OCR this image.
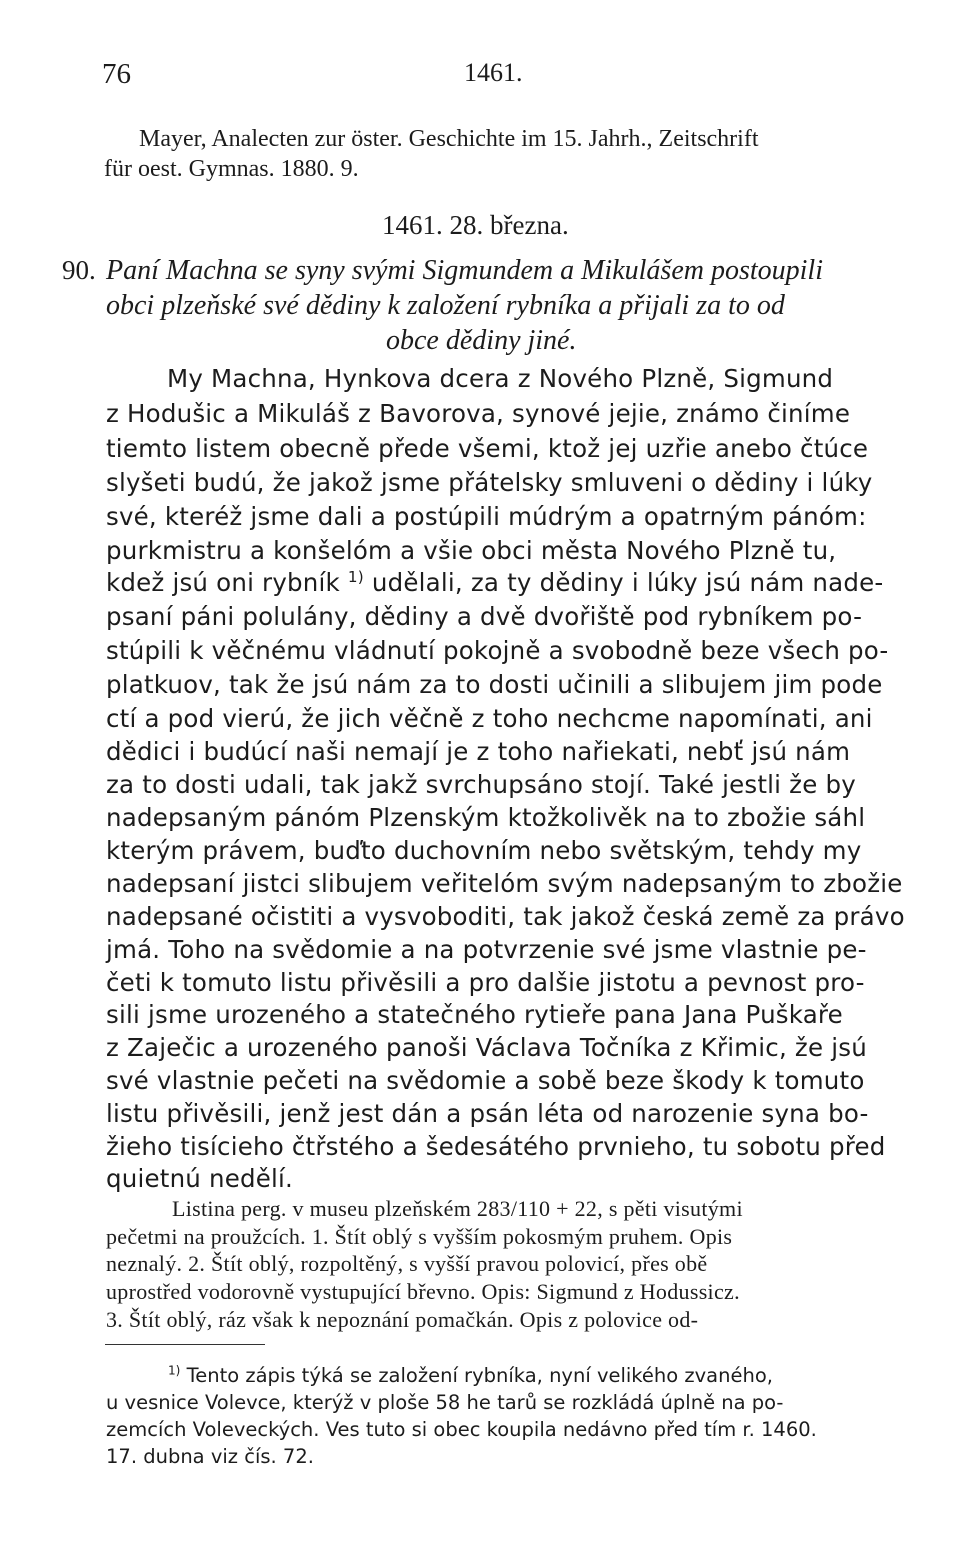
76	1461.
Mayer, Analecten zur öster. Geschichte im 15. Jahrh., Zeitschrift
für oest. Gymnas. 1880. 9.
1461. 28. března.
90. Paní Machna se syny svými Sigmundem a Mikulášem postoupili
obci plzeňské své dědiny k založení rybníka a přijali za to od
obce dědiny jiné.
My Machna, Hynkova dcera z Nového Plzně, Sigmund
z Hodušic a Mikuláš z Bavorova, synové jejie, známo činíme
tiemto listem obecně přede všemi, ktož jej uzřie anebo čtúce
slyšeti budú, že jakož jsme přátelsky smluveni o dědiny i lúky
své, kteréž jsme dali a postúpili múdrým a opatrným pánóm:
purkmistru a konšelóm a všie obci města Nového Plzně tu,
kdež jsú oni rybník $^{1)}$ udělali, za ty dědiny i lúky jsú nám nade-
psaní páni polulány, dědiny a dvě dvořiště pod rybníkem po-
stúpili k věčnému vládnutí pokojně a svobodně beze všech po-
platkuov, tak že jsú nám za to dosti učinili a slibujem jim pode
ctí a pod vierú, že jich věčně z toho nechcme napomínati, ani
dědici i budúcí naši nemají je z toho nařiekati, nebť jsú nám
za to dosti udali, tak jakž svrchupsáno stojí. Také jestli že by
nadepsaným pánóm Plzenským ktožkolivěk na to zbožie sáhl
kterým právem, buďto duchovním nebo světským, tehdy my
nadepsaní jistci slibujem veřitelóm svým nadepsaným to zbožie
nadepsané očistiti a vysvoboditi, tak jakož česká země za právo
jmá. Toho na svědomie a na potvrzenie své jsme vlastnie pe-
četi k tomuto listu přivěsili a pro dalšie jistotu a pevnost pro-
sili jsme urozeného a statečného rytieře pana Jana Puškaře
z Zaječic a urozeného panoši Václava Točníka z Křimic, že jsú
své vlastnie pečeti na svědomie a sobě beze škody k tomuto
listu přivěsili, jenž jest dán a psán léta od narozenie syna bo-
žieho tisícieho čtřstého a šedesátého prvnieho, tu sobotu před
quietnú nedělí.
Listina perg. v museu plzeňském 283/110 + 22, s pěti visutými
pečetmi na proužcích. 1. Štít oblý s vyšším pokosmým pruhem. Opis
neznalý. 2. Štít oblý, rozpoltěný, s vyšší pravou polovicí, přes obě
uprostřed vodorovně vystupující břevno. Opis: Sigmund z Hodussicz.
3. Štít oblý, ráz však k nepoznání pomačkán. Opis z polovice od-
$^{1)}$ Tento zápis týká se založení rybníka, nyní velikého zvaného,
u vesnice Volevce, kterýž v ploše 58 he tarů se rozkládá úplně na po-
zemcích Voleveckých. Ves tuto si obec koupila nedávno před tím r. 1460.
17. dubna viz čís. 72.
